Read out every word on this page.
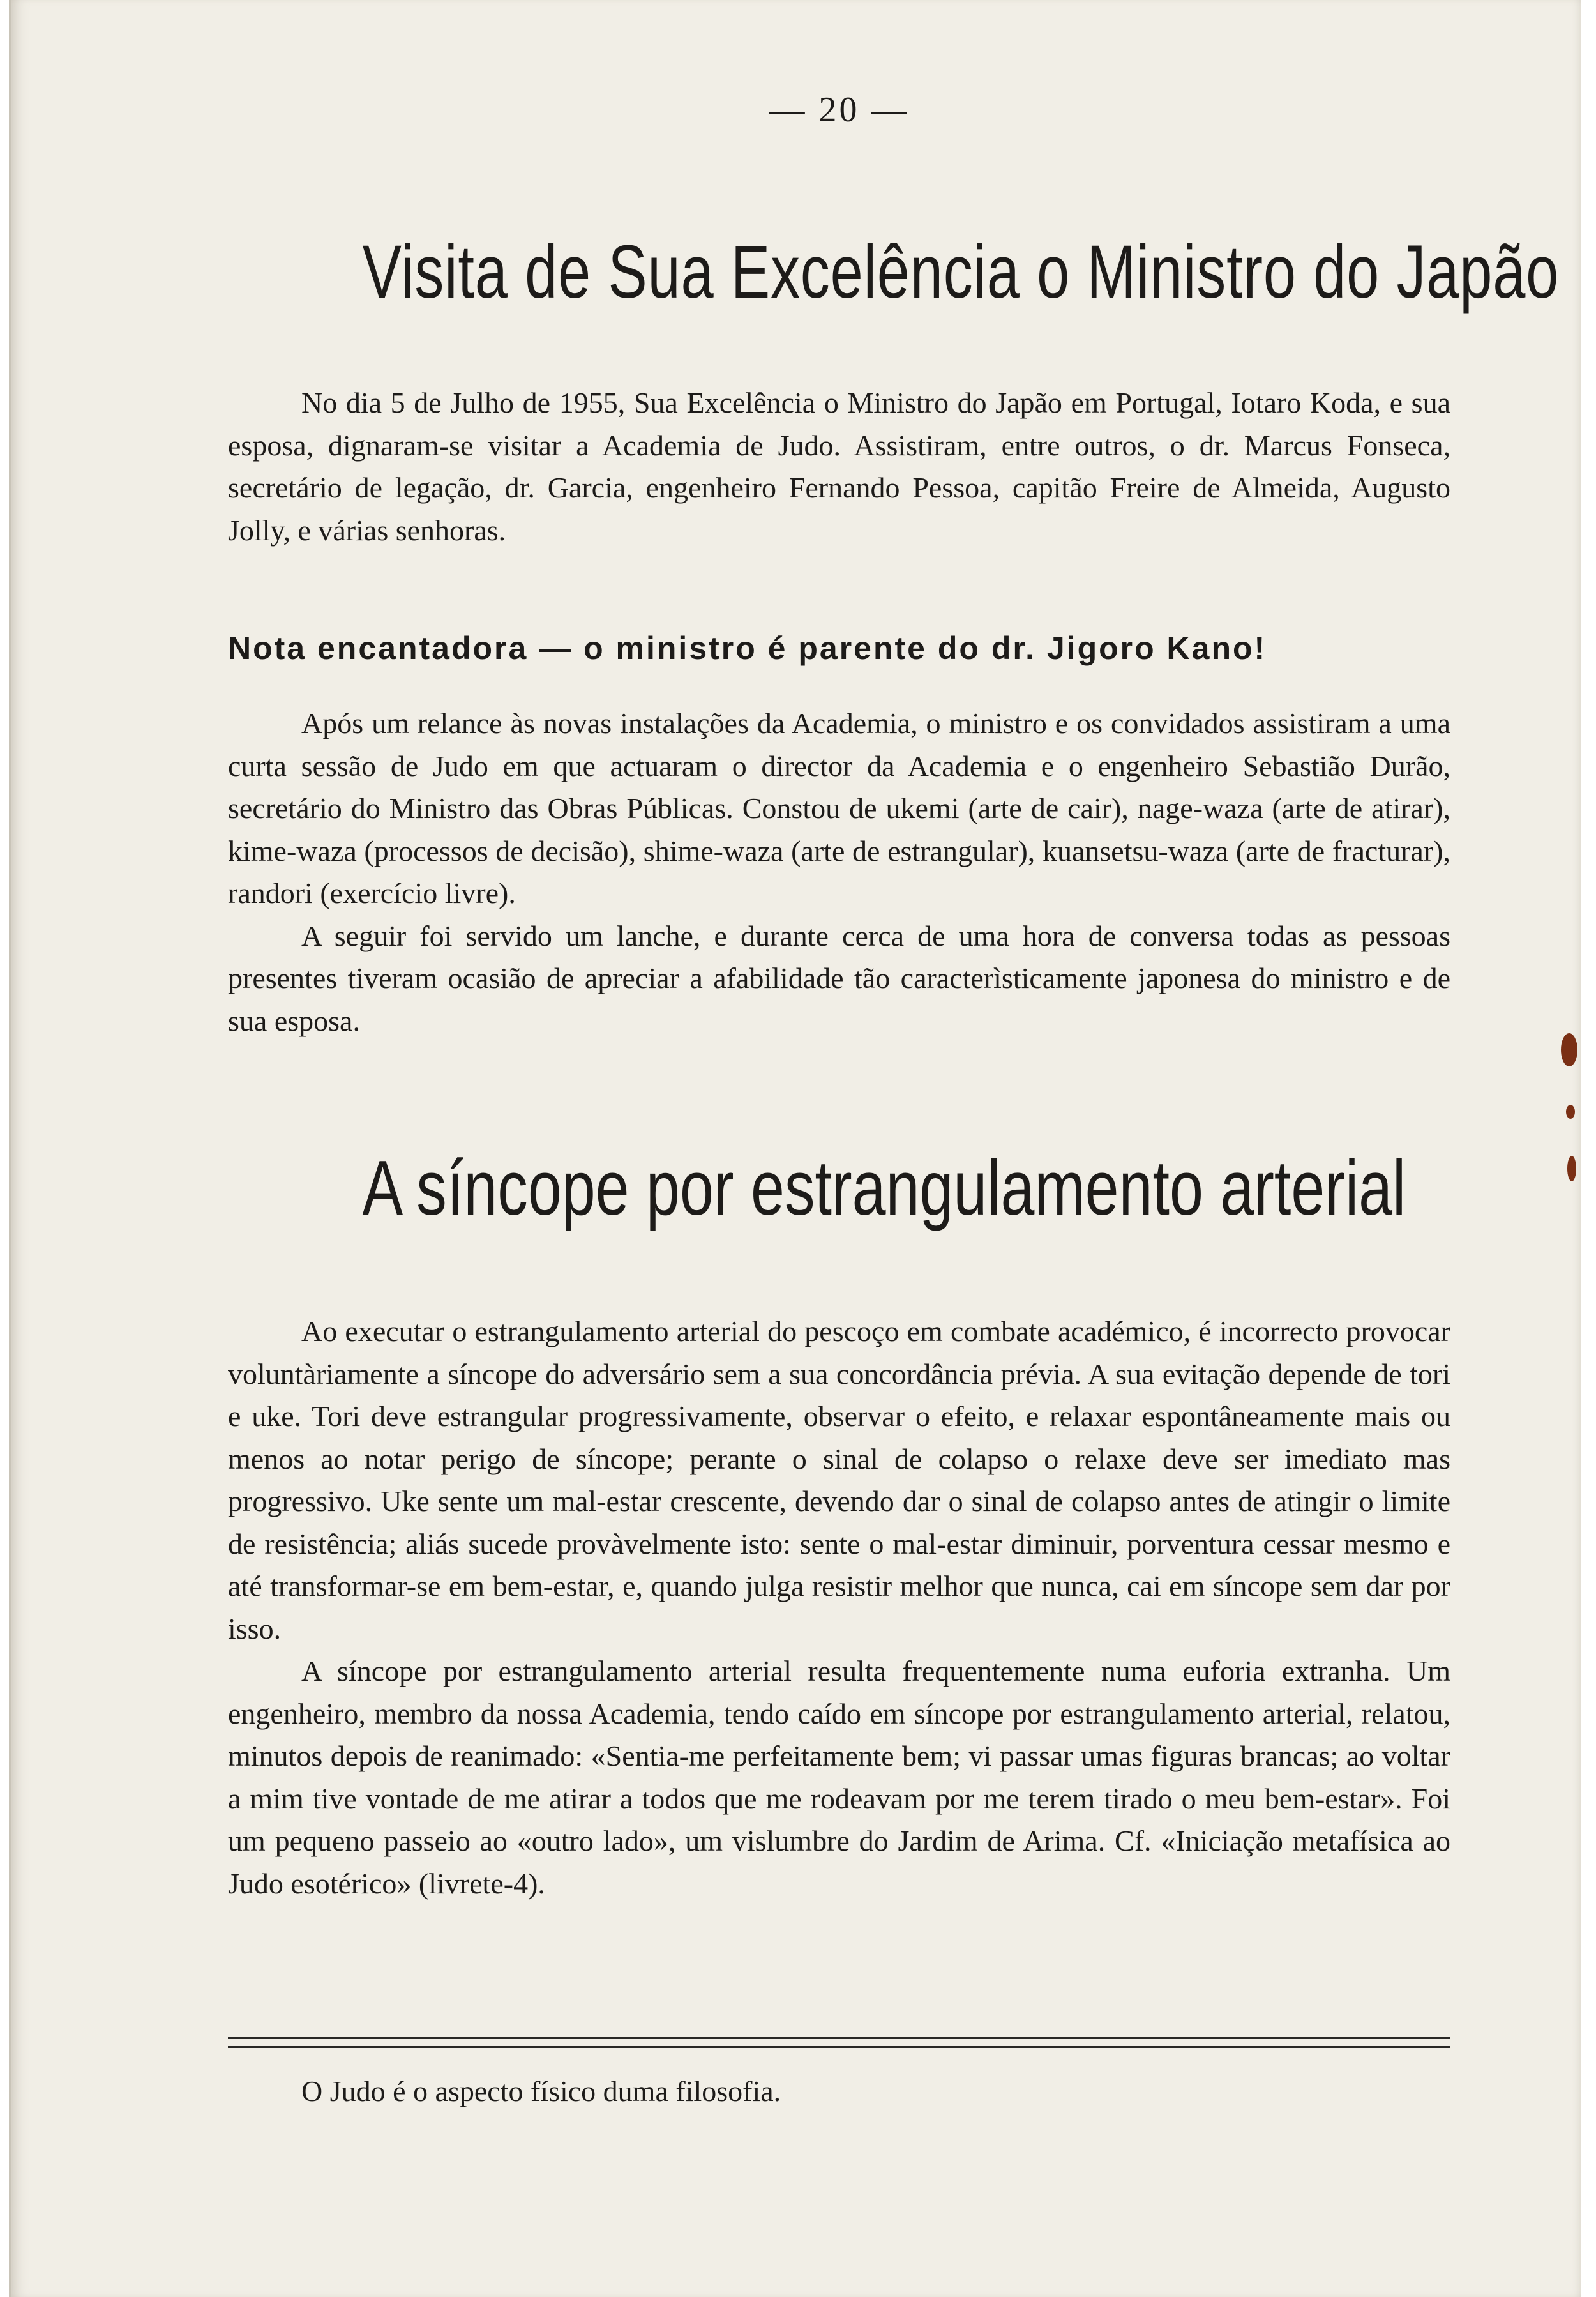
— 20 —
Visita de Sua Excelência o Ministro do Japão

No dia 5 de Julho de 1955, Sua Excelência o Ministro do Japão em Portugal, Iotaro Koda, e sua esposa, dignaram-se visitar a Academia de Judo. Assistiram, entre outros, o dr. Marcus Fonseca, secretário de legação, dr. Garcia, engenheiro Fernando Pessoa, capitão Freire de Almeida, Augusto Jolly, e várias senhoras.

Nota encantadora — o ministro é parente do dr. Jigoro Kano!

Após um relance às novas instalações da Academia, o ministro e os convidados assistiram a uma curta sessão de Judo em que actuaram o director da Academia e o engenheiro Sebastião Durão, secretário do Ministro das Obras Públicas. Constou de ukemi (arte de cair), nage-waza (arte de atirar), kime-waza (processos de decisão), shime-waza (arte de estrangular), kuansetsu-waza (arte de fracturar), randori (exercício livre).

A seguir foi servido um lanche, e durante cerca de uma hora de conversa todas as pessoas presentes tiveram ocasião de apreciar a afabilidade tão caracterìsticamente japonesa do ministro e de sua esposa.

A síncope por estrangulamento arterial

Ao executar o estrangulamento arterial do pescoço em combate académico, é incorrecto provocar voluntàriamente a síncope do adversário sem a sua concordância prévia. A sua evitação depende de tori e uke. Tori deve estrangular progressivamente, observar o efeito, e relaxar espontâneamente mais ou menos ao notar perigo de síncope; perante o sinal de colapso o relaxe deve ser imediato mas progressivo. Uke sente um mal-estar crescente, devendo dar o sinal de colapso antes de atingir o limite de resistência; aliás sucede provàvelmente isto: sente o mal-estar diminuir, porventura cessar mesmo e até transformar-se em bem-estar, e, quando julga resistir melhor que nunca, cai em síncope sem dar por isso.

A síncope por estrangulamento arterial resulta frequentemente numa euforia extranha. Um engenheiro, membro da nossa Academia, tendo caído em síncope por estrangulamento arterial, relatou, minutos depois de reanimado: «Sentia-me perfeitamente bem; vi passar umas figuras brancas; ao voltar a mim tive vontade de me atirar a todos que me rodeavam por me terem tirado o meu bem-estar». Foi um pequeno passeio ao «outro lado», um vislumbre do Jardim de Arima. Cf. «Iniciação metafísica ao Judo esotérico» (livrete-4).

O Judo é o aspecto físico duma filosofia.
